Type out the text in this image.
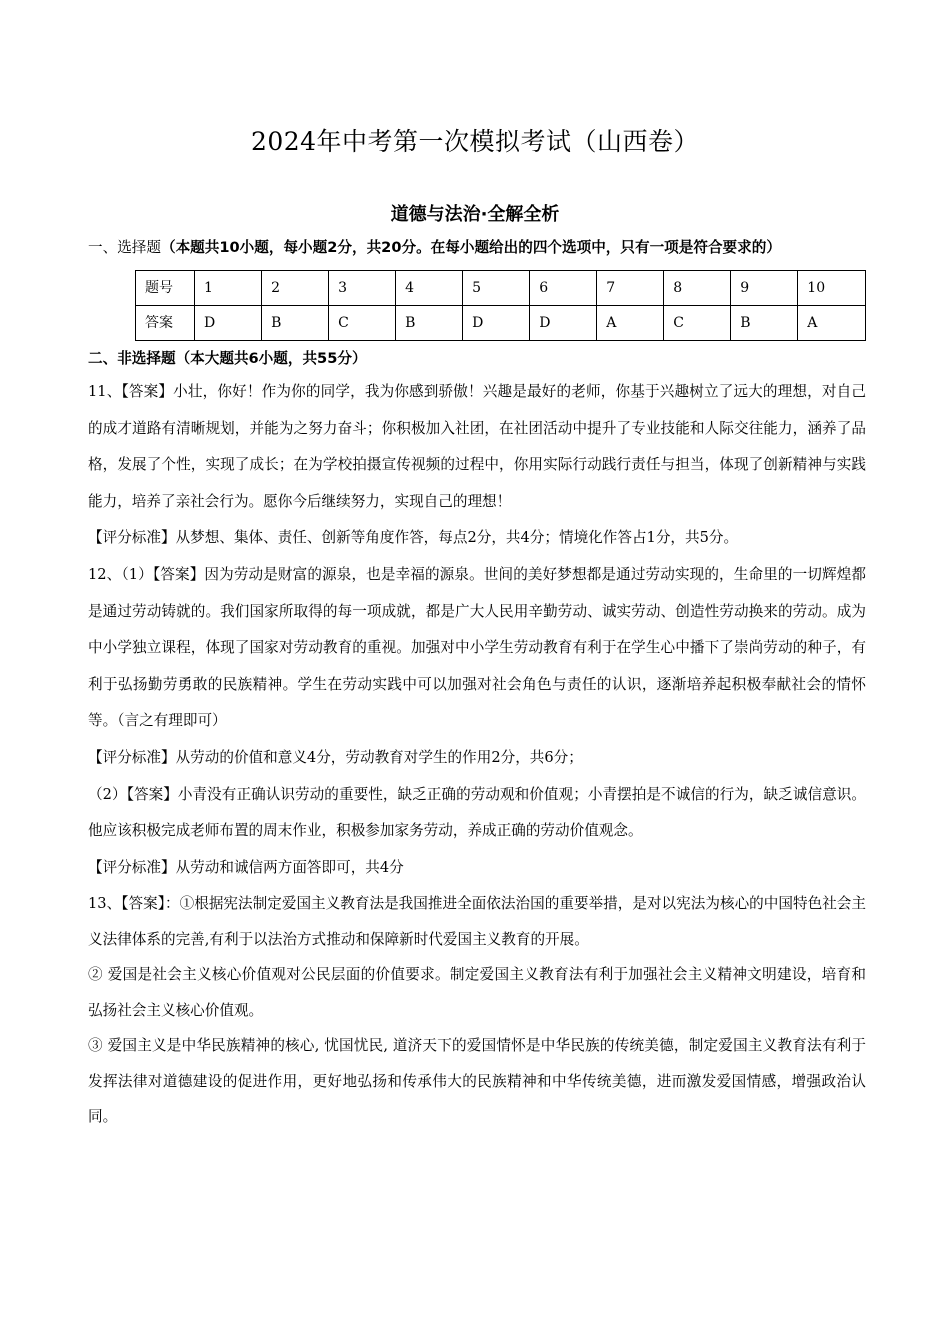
2024年中考第一次模拟考试（山西卷）
道德与法治·全解全析
一、选择题（本题共10小题，每小题2分，共20分。在每小题给出的四个选项中，只有一项是符合要求的）
题号	1	2	3	4	5	6	7	8	9	10
答案	D	B	C	B	D	D	A	C	B	A
二、非选择题（本大题共6小题，共55分）

11、【答案】小壮，你好！作为你的同学，我为你感到骄傲！兴趣是最好的老师，你基于兴趣树立了远大的理想，对自己的成才道路有清晰规划，并能为之努力奋斗；你积极加入社团，在社团活动中提升了专业技能和人际交往能力，涵养了品格，发展了个性，实现了成长；在为学校拍摄宣传视频的过程中，你用实际行动践行责任与担当，体现了创新精神与实践能力，培养了亲社会行为。愿你今后继续努力，实现自己的理想！

【评分标准】从梦想、集体、责任、创新等角度作答，每点2分，共4分；情境化作答占1分，共5分。

12、（1）【答案】因为劳动是财富的源泉，也是幸福的源泉。世间的美好梦想都是通过劳动实现的，生命里的一切辉煌都是通过劳动铸就的。我们国家所取得的每一项成就，都是广大人民用辛勤劳动、诚实劳动、创造性劳动换来的劳动。成为中小学独立课程，体现了国家对劳动教育的重视。加强对中小学生劳动教育有利于在学生心中播下了崇尚劳动的种子，有利于弘扬勤劳勇敢的民族精神。学生在劳动实践中可以加强对社会角色与责任的认识，逐渐培养起积极奉献社会的情怀等。（言之有理即可）

【评分标准】从劳动的价值和意义4分，劳动教育对学生的作用2分，共6分；

（2）【答案】小青没有正确认识劳动的重要性，缺乏正确的劳动观和价值观；小青摆拍是不诚信的行为，缺乏诚信意识。他应该积极完成老师布置的周末作业，积极参加家务劳动，养成正确的劳动价值观念。

【评分标准】从劳动和诚信两方面答即可，共4分

13、【答案】：①根据宪法制定爱国主义教育法是我国推进全面依法治国的重要举措，是对以宪法为核心的中国特色社会主义法律体系的完善,有利于以法治方式推动和保障新时代爱国主义教育的开展。

② 爱国是社会主义核心价值观对公民层面的价值要求。制定爱国主义教育法有利于加强社会主义精神文明建设，培育和弘扬社会主义核心价值观。

③ 爱国主义是中华民族精神的核心, 忧国忧民, 道济天下的爱国情怀是中华民族的传统美德，制定爱国主义教育法有利于发挥法律对道德建设的促进作用，更好地弘扬和传承伟大的民族精神和中华传统美德，进而激发爱国情感，增强政治认同。
